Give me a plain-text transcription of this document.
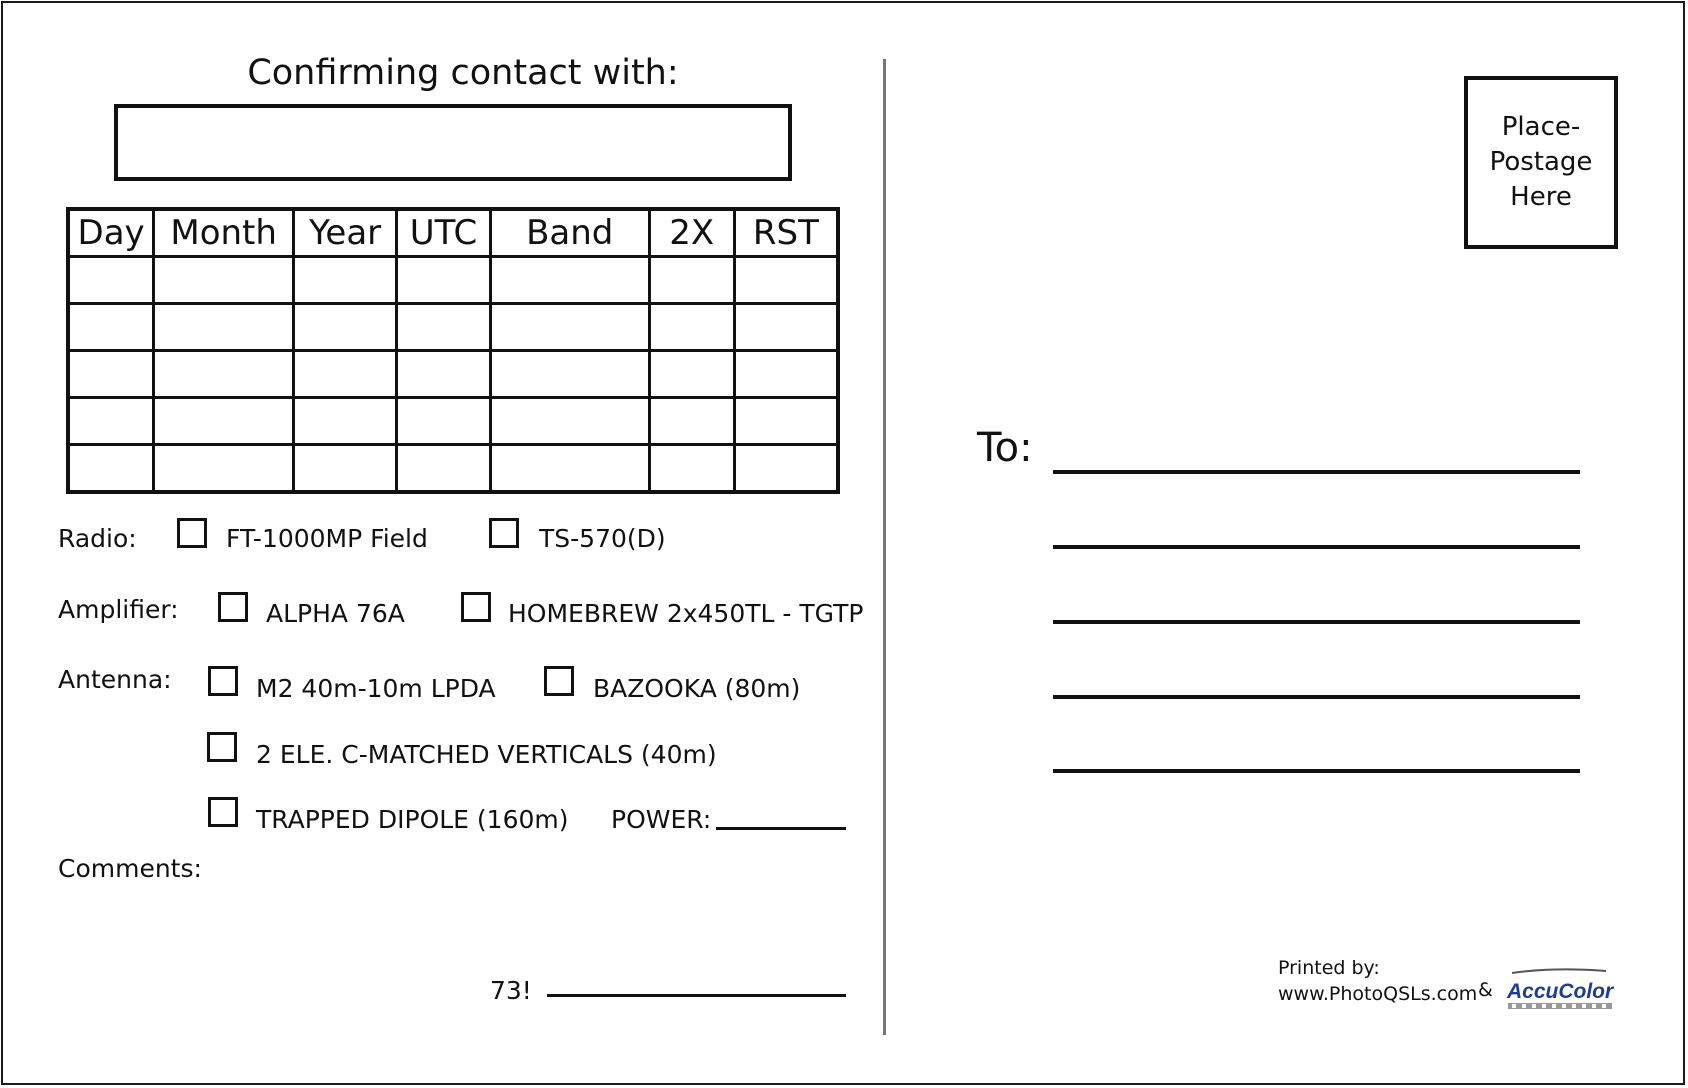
Confirming contact with:
Day	Month	Year	UTC	Band	2X	RST

Radio:	FT-1000MP Field	TS-570(D)
Amplifier:	ALPHA 76A	HOMEBREW 2x450TL - TGTP
Antenna:	M2 40m-10m LPDA	BAZOOKA (80m)
2 ELE. C-MATCHED VERTICALS (40m)
TRAPPED DIPOLE (160m) POWER:
Comments:
73!
Place-
Postage
Here
To:
Printed by:
www.PhotoQSLs.com & AccuColor
